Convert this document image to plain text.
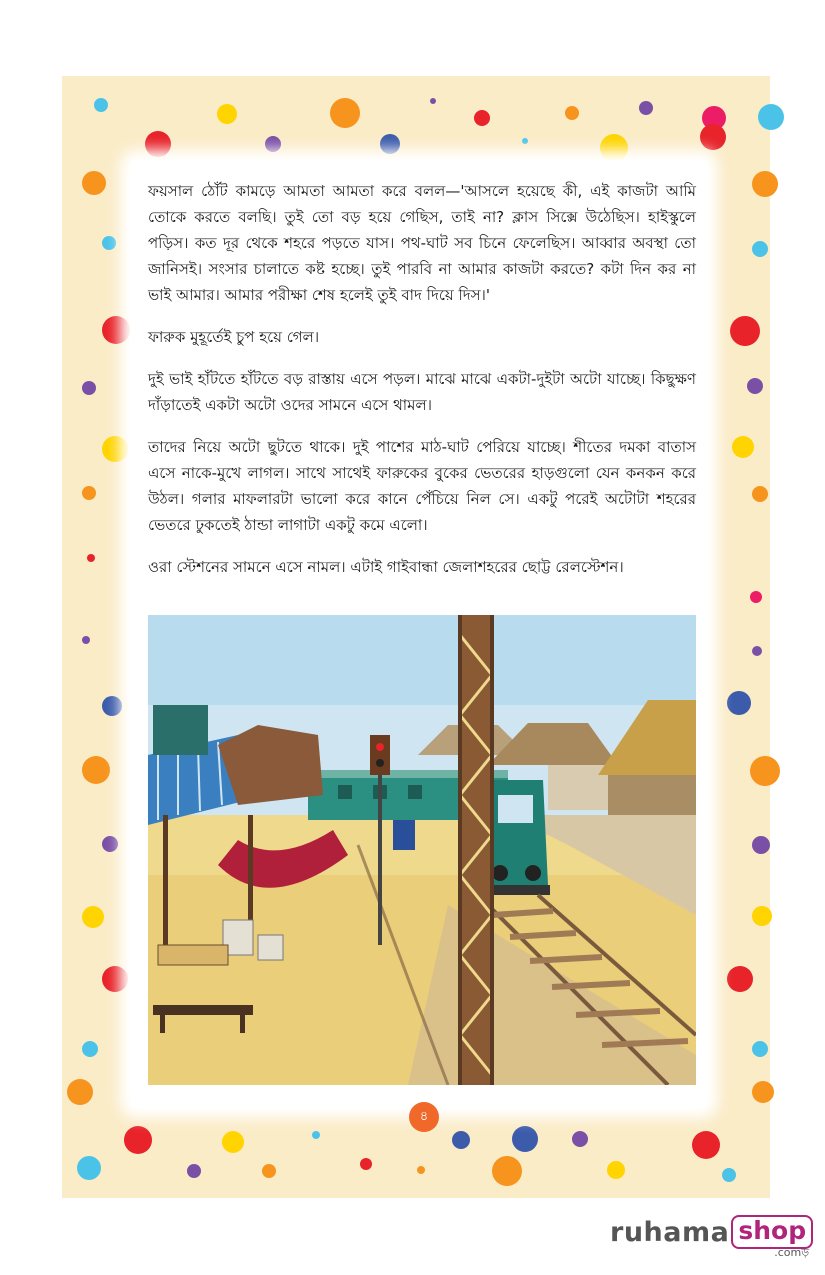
ফয়সাল ঠোঁট কামড়ে আমতা আমতা করে বলল—'আসলে হয়েছে কী, এই কাজটা আমি তোকে করতে বলছি। তুই তো বড় হয়ে গেছিস, তাই না? ক্লাস সিক্সে উঠেছিস। হাইস্কুলে পড়িস। কত দূর থেকে শহরে পড়তে যাস। পথ-ঘাট সব চিনে ফেলেছিস। আব্বার অবস্থা তো জানিসই। সংসার চালাতে কষ্ট হচ্ছে। তুই পারবি না আমার কাজটা করতে? কটা দিন কর না ভাই আমার। আমার পরীক্ষা শেষ হলেই তুই বাদ দিয়ে দিস।'

ফারুক মুহূর্তেই চুপ হয়ে গেল।

দুই ভাই হাঁটতে হাঁটতে বড় রাস্তায় এসে পড়ল। মাঝে মাঝে একটা-দুইটা অটো যাচ্ছে। কিছুক্ষণ দাঁড়াতেই একটা অটো ওদের সামনে এসে থামল।

তাদের নিয়ে অটো ছুটতে থাকে। দুই পাশের মাঠ-ঘাট পেরিয়ে যাচ্ছে। শীতের দমকা বাতাস এসে নাকে-মুখে লাগল। সাথে সাথেই ফারুকের বুকের ভেতরের হাড়গুলো যেন কনকন করে উঠল। গলার মাফলারটা ভালো করে কানে পেঁচিয়ে নিল সে। একটু পরেই অটোটা শহরের ভেতরে ঢুকতেই ঠান্ডা লাগাটা একটু কমে এলো।

ওরা স্টেশনের সামনে এসে নামল। এটাই গাইবান্ধা জেলাশহরের ছোট্ট রেলস্টেশন।

৪
ruhama shop
.comড়
